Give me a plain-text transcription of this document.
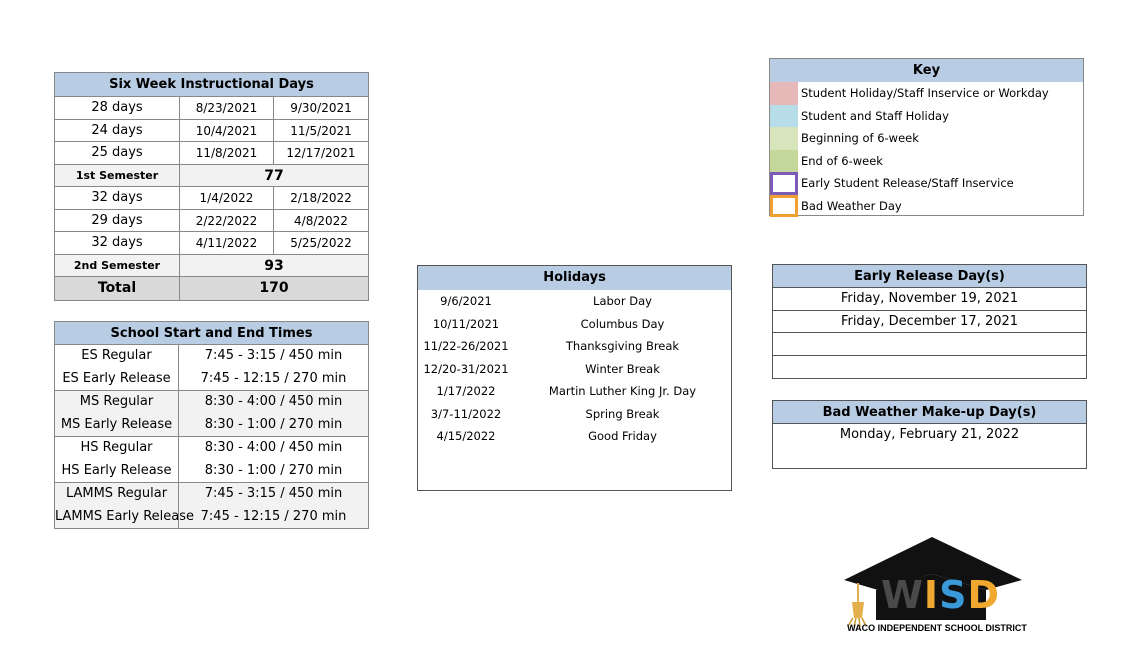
Six Week Instructional Days
28 days	8/23/2021	9/30/2021
24 days	10/4/2021	11/5/2021
25 days	11/8/2021	12/17/2021
1st Semester	77
32 days	1/4/2022	2/18/2022
29 days	2/22/2022	4/8/2022
32 days	4/11/2022	5/25/2022
2nd Semester	93
Total	170
School Start and End Times
ES Regular	7:45 - 3:15 / 450 min
ES Early Release	7:45 - 12:15 / 270 min
MS Regular	8:30 - 4:00 / 450 min
MS Early Release	8:30 - 1:00 / 270 min
HS Regular	8:30 - 4:00 / 450 min
HS Early Release	8:30 - 1:00 / 270 min
LAMMS Regular	7:45 - 3:15 / 450 min
LAMMS Early Release 7:45 - 12:15 / 270 min
Holidays
9/6/2021	Labor Day
10/11/2021	Columbus Day
11/22-26/2021	Thanksgiving Break
12/20-31/2021	Winter Break
1/17/2022	Martin Luther King Jr. Day
3/7-11/2022	Spring Break
4/15/2022	Good Friday
Key
Student Holiday/Staff Inservice or Workday
Student and Staff Holiday
Beginning of 6-week
End of 6-week
Early Student Release/Staff Inservice
Bad Weather Day
Early Release Day(s)
Friday, November 19, 2021
Friday, December 17, 2021
Bad Weather Make-up Day(s)
Monday, February 21, 2022
WISD
WACO INDEPENDENT SCHOOL DISTRICT
